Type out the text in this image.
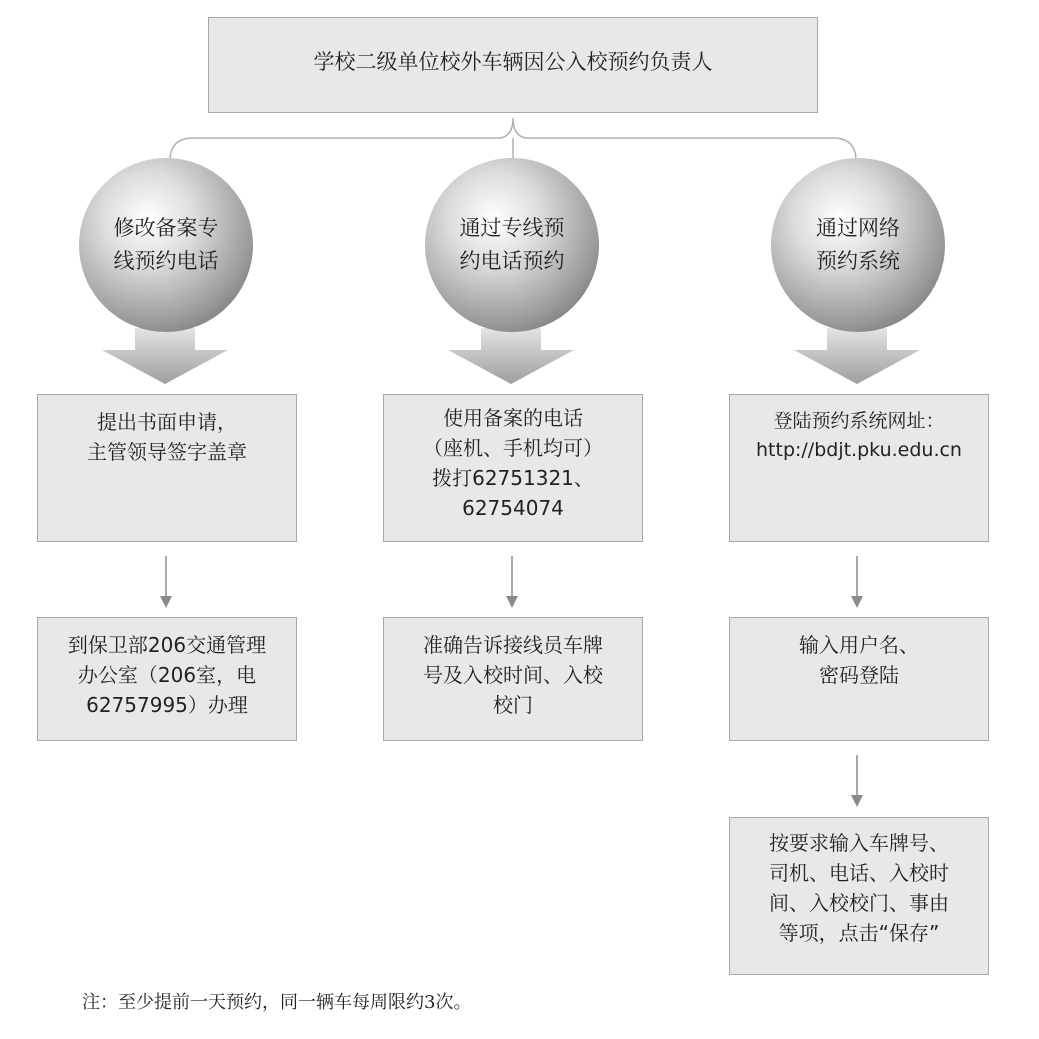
学校二级单位校外车辆因公入校预约负责人
修改备案专
线预约电话
通过专线预
约电话预约
通过网络
预约系统
提出书面申请，
主管领导签字盖章
到保卫部206交通管理
办公室（206室，电
62757995）办理
使用备案的电话
（座机、手机均可）
拨打62751321、
62754074
准确告诉接线员车牌
号及入校时间、入校
校门
登陆预约系统网址：
http://bdjt.pku.edu.cn
输入用户名、
密码登陆
按要求输入车牌号、
司机、电话、入校时
间、入校校门、事由
等项，点击“保存”
注：至少提前一天预约，同一辆车每周限约3次。
